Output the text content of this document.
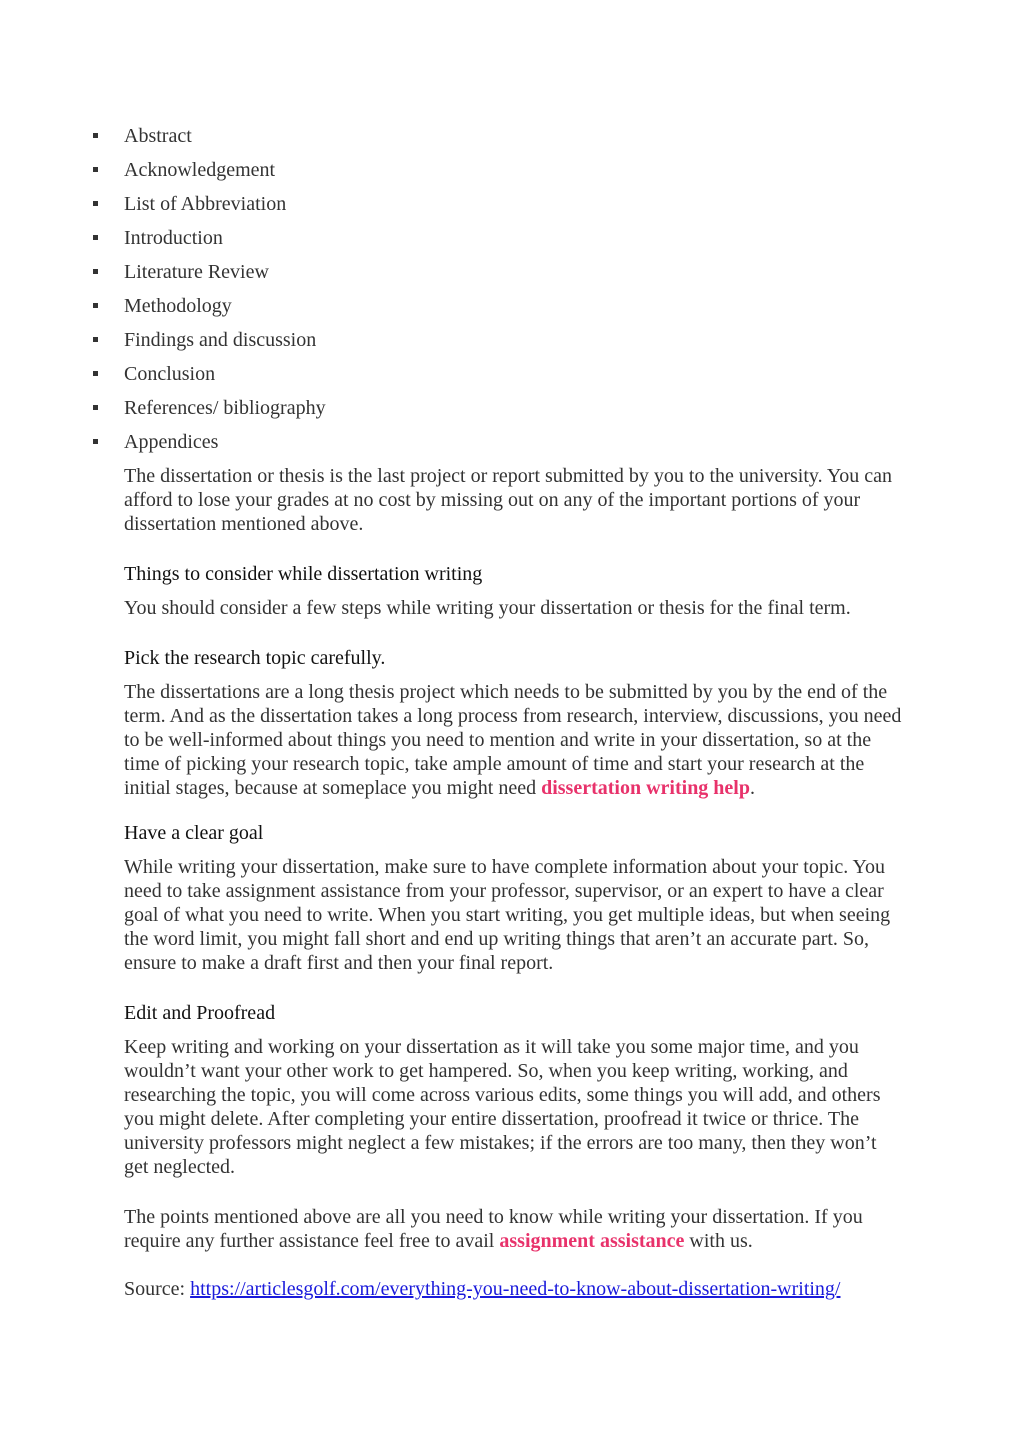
Abstract
Acknowledgement
List of Abbreviation
Introduction
Literature Review
Methodology
Findings and discussion
Conclusion
References/ bibliography
Appendices

The dissertation or thesis is the last project or report submitted by you to the university. You can afford to lose your grades at no cost by missing out on any of the important portions of your dissertation mentioned above.

Things to consider while dissertation writing

You should consider a few steps while writing your dissertation or thesis for the final term.

Pick the research topic carefully.

The dissertations are a long thesis project which needs to be submitted by you by the end of the term. And as the dissertation takes a long process from research, interview, discussions, you need to be well-informed about things you need to mention and write in your dissertation, so at the time of picking your research topic, take ample amount of time and start your research at the initial stages, because at someplace you might need dissertation writing help.

Have a clear goal

While writing your dissertation, make sure to have complete information about your topic. You need to take assignment assistance from your professor, supervisor, or an expert to have a clear goal of what you need to write. When you start writing, you get multiple ideas, but when seeing the word limit, you might fall short and end up writing things that aren’t an accurate part. So, ensure to make a draft first and then your final report.

Edit and Proofread

Keep writing and working on your dissertation as it will take you some major time, and you wouldn’t want your other work to get hampered. So, when you keep writing, working, and researching the topic, you will come across various edits, some things you will add, and others you might delete. After completing your entire dissertation, proofread it twice or thrice. The university professors might neglect a few mistakes; if the errors are too many, then they won’t get neglected.

The points mentioned above are all you need to know while writing your dissertation. If you require any further assistance feel free to avail assignment assistance with us.

Source: https://articlesgolf.com/everything-you-need-to-know-about-dissertation-writing/
